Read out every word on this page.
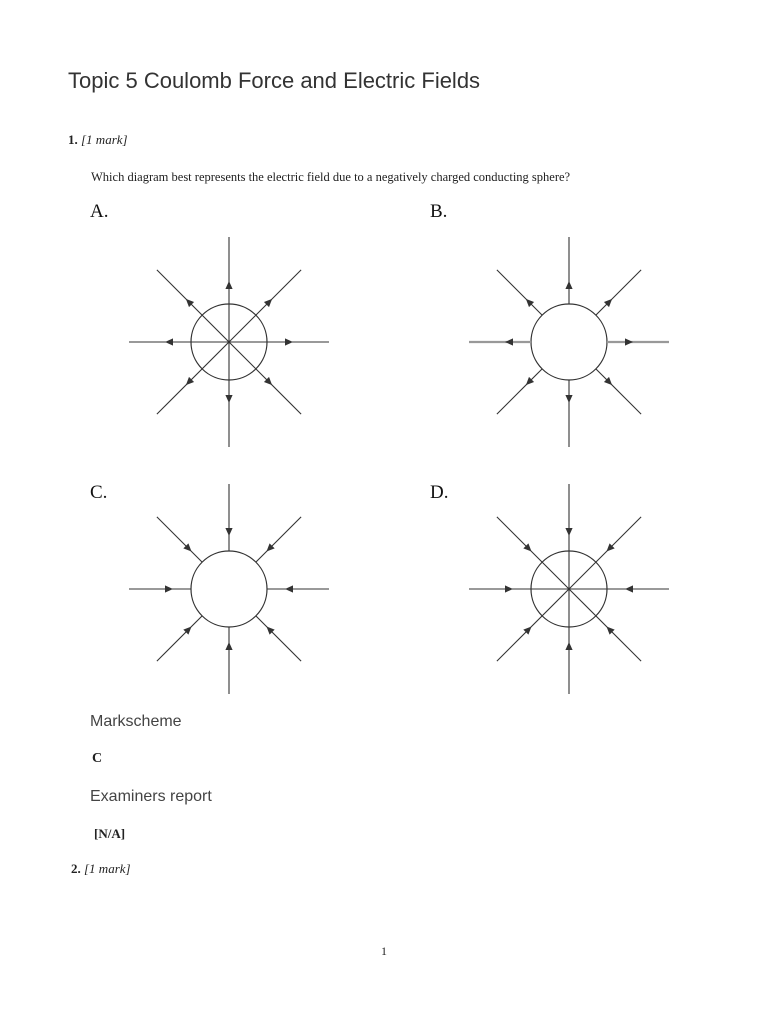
Topic 5 Coulomb Force and Electric Fields
1. [1 mark]
Which diagram best represents the electric field due to a negatively charged conducting sphere?
A.	B.
C.	D.
Markscheme
C
Examiners report
[N/A]
2. [1 mark]
1
